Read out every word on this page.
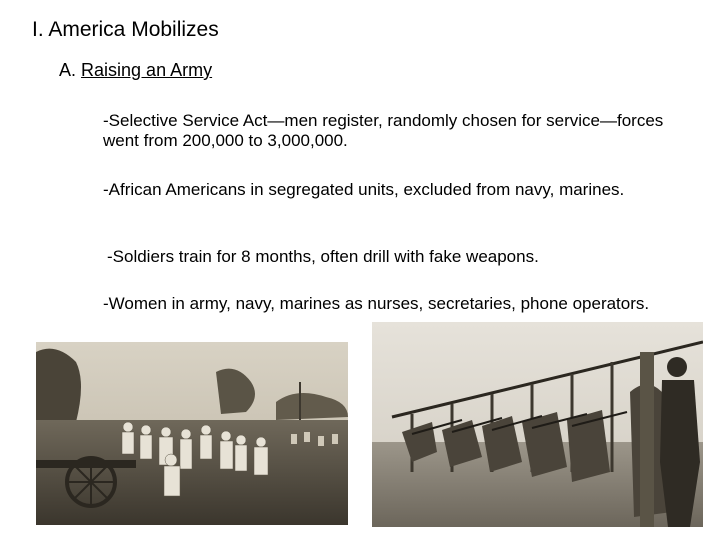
I. America Mobilizes
A. Raising an Army
-Selective Service Act—men register, randomly chosen for service—forces went from 200,000 to 3,000,000.
-African Americans in segregated units, excluded from navy, marines.
-Soldiers train for 8 months, often drill with fake weapons.
-Women in army, navy, marines as nurses, secretaries, phone operators.
